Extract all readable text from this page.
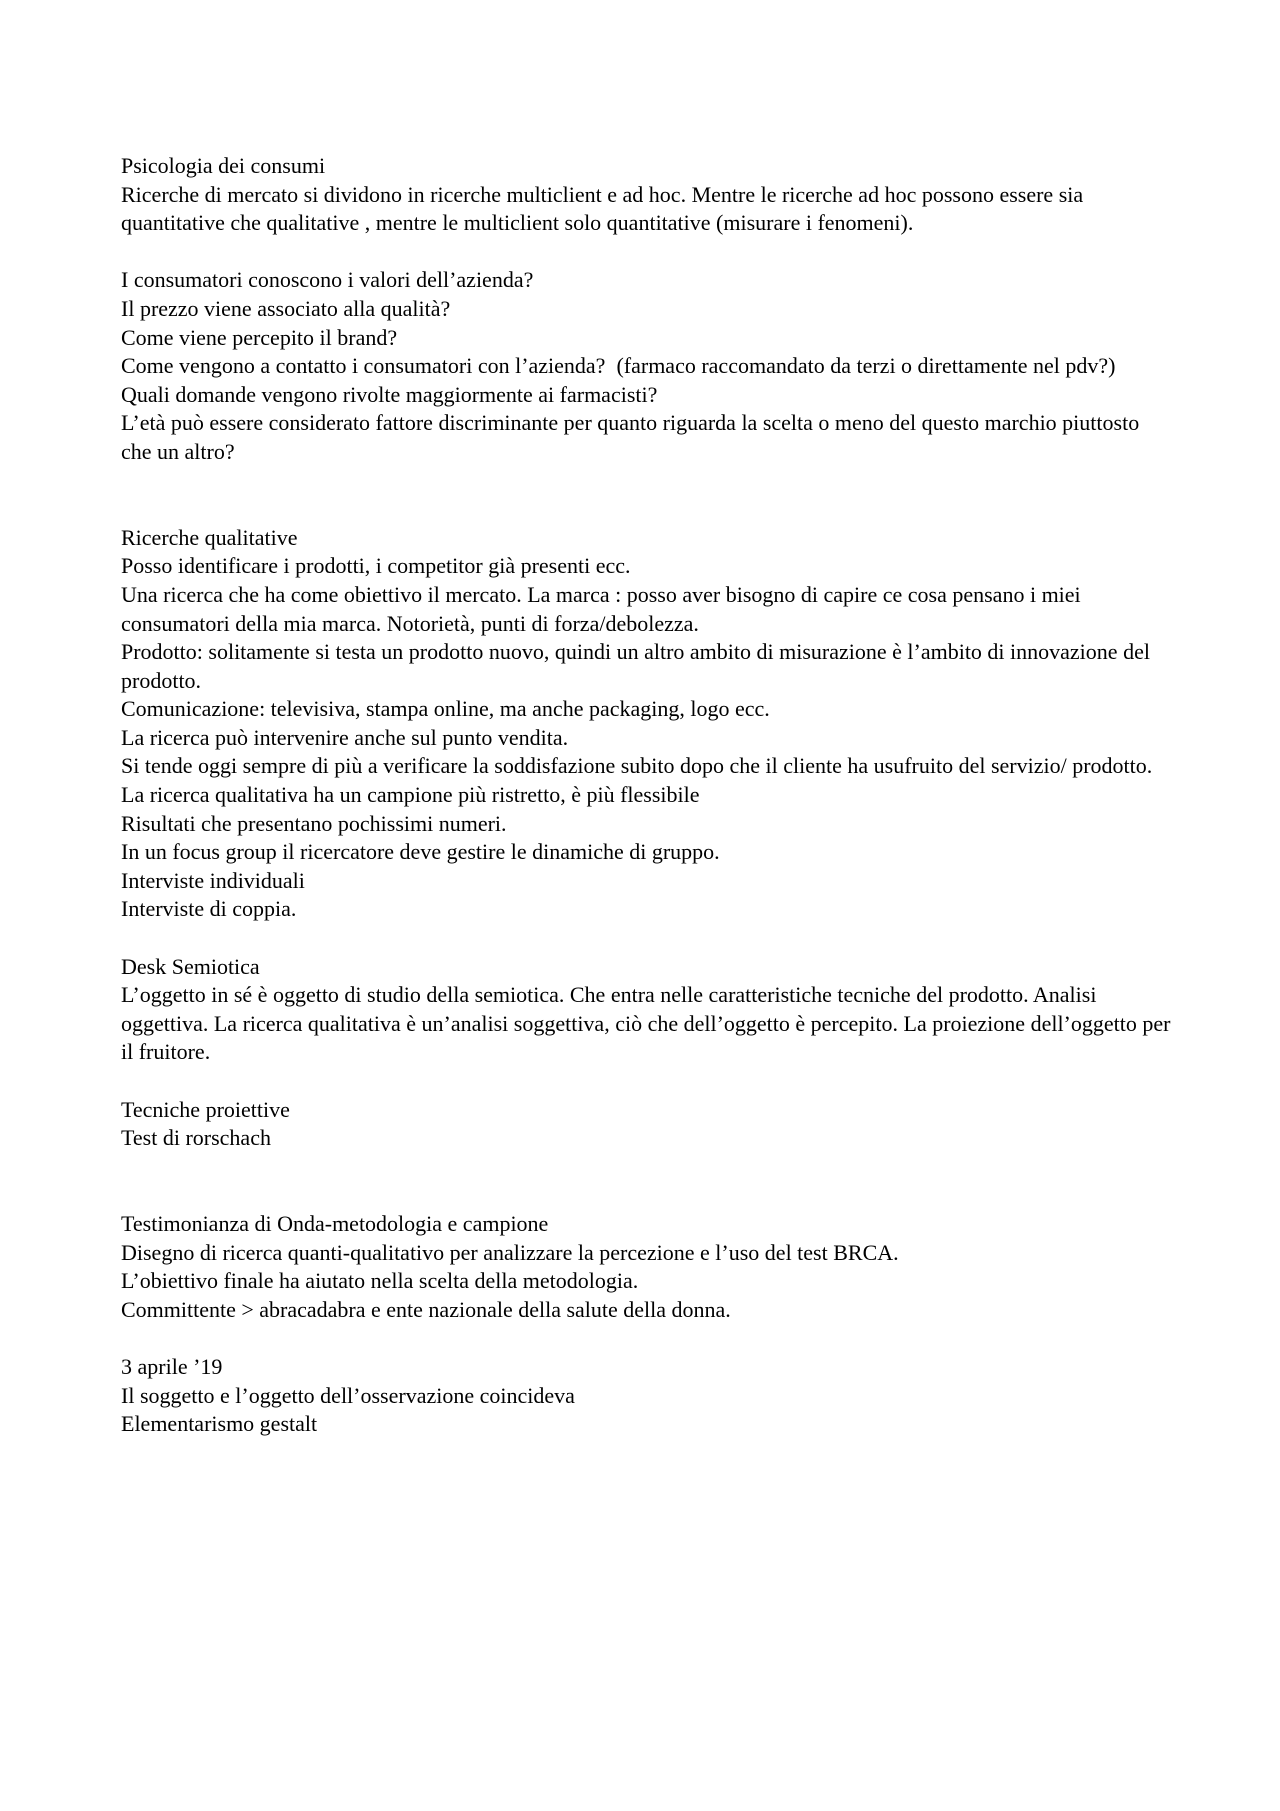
Psicologia dei consumi

Ricerche di mercato si dividono in ricerche multiclient e ad hoc. Mentre le ricerche ad hoc possono essere sia quantitative che qualitative , mentre le multiclient solo quantitative (misurare i fenomeni).

I consumatori conoscono i valori dell’azienda?

Il prezzo viene associato alla qualità?

Come viene percepito il brand?

Come vengono a contatto i consumatori con l’azienda?  (farmaco raccomandato da terzi o direttamente nel pdv?)

Quali domande vengono rivolte maggiormente ai farmacisti?

L’età può essere considerato fattore discriminante per quanto riguarda la scelta o meno del questo marchio piuttosto che un altro?

Ricerche qualitative

Posso identificare i prodotti, i competitor già presenti ecc.

Una ricerca che ha come obiettivo il mercato. La marca : posso aver bisogno di capire ce cosa pensano i miei consumatori della mia marca. Notorietà, punti di forza/debolezza.

Prodotto: solitamente si testa un prodotto nuovo, quindi un altro ambito di misurazione è l’ambito di innovazione del prodotto.

Comunicazione: televisiva, stampa online, ma anche packaging, logo ecc.

La ricerca può intervenire anche sul punto vendita.

Si tende oggi sempre di più a verificare la soddisfazione subito dopo che il cliente ha usufruito del servizio/ prodotto.

La ricerca qualitativa ha un campione più ristretto, è più flessibile

Risultati che presentano pochissimi numeri.

In un focus group il ricercatore deve gestire le dinamiche di gruppo.

Interviste individuali

Interviste di coppia.

Desk Semiotica

L’oggetto in sé è oggetto di studio della semiotica. Che entra nelle caratteristiche tecniche del prodotto. Analisi oggettiva. La ricerca qualitativa è un’analisi soggettiva, ciò che dell’oggetto è percepito. La proiezione dell’oggetto per il fruitore.

Tecniche proiettive

Test di rorschach

Testimonianza di Onda-metodologia e campione

Disegno di ricerca quanti-qualitativo per analizzare la percezione e l’uso del test BRCA.

L’obiettivo finale ha aiutato nella scelta della metodologia.

Committente > abracadabra e ente nazionale della salute della donna.

3 aprile ’19

Il soggetto e l’oggetto dell’osservazione coincideva

Elementarismo gestalt
